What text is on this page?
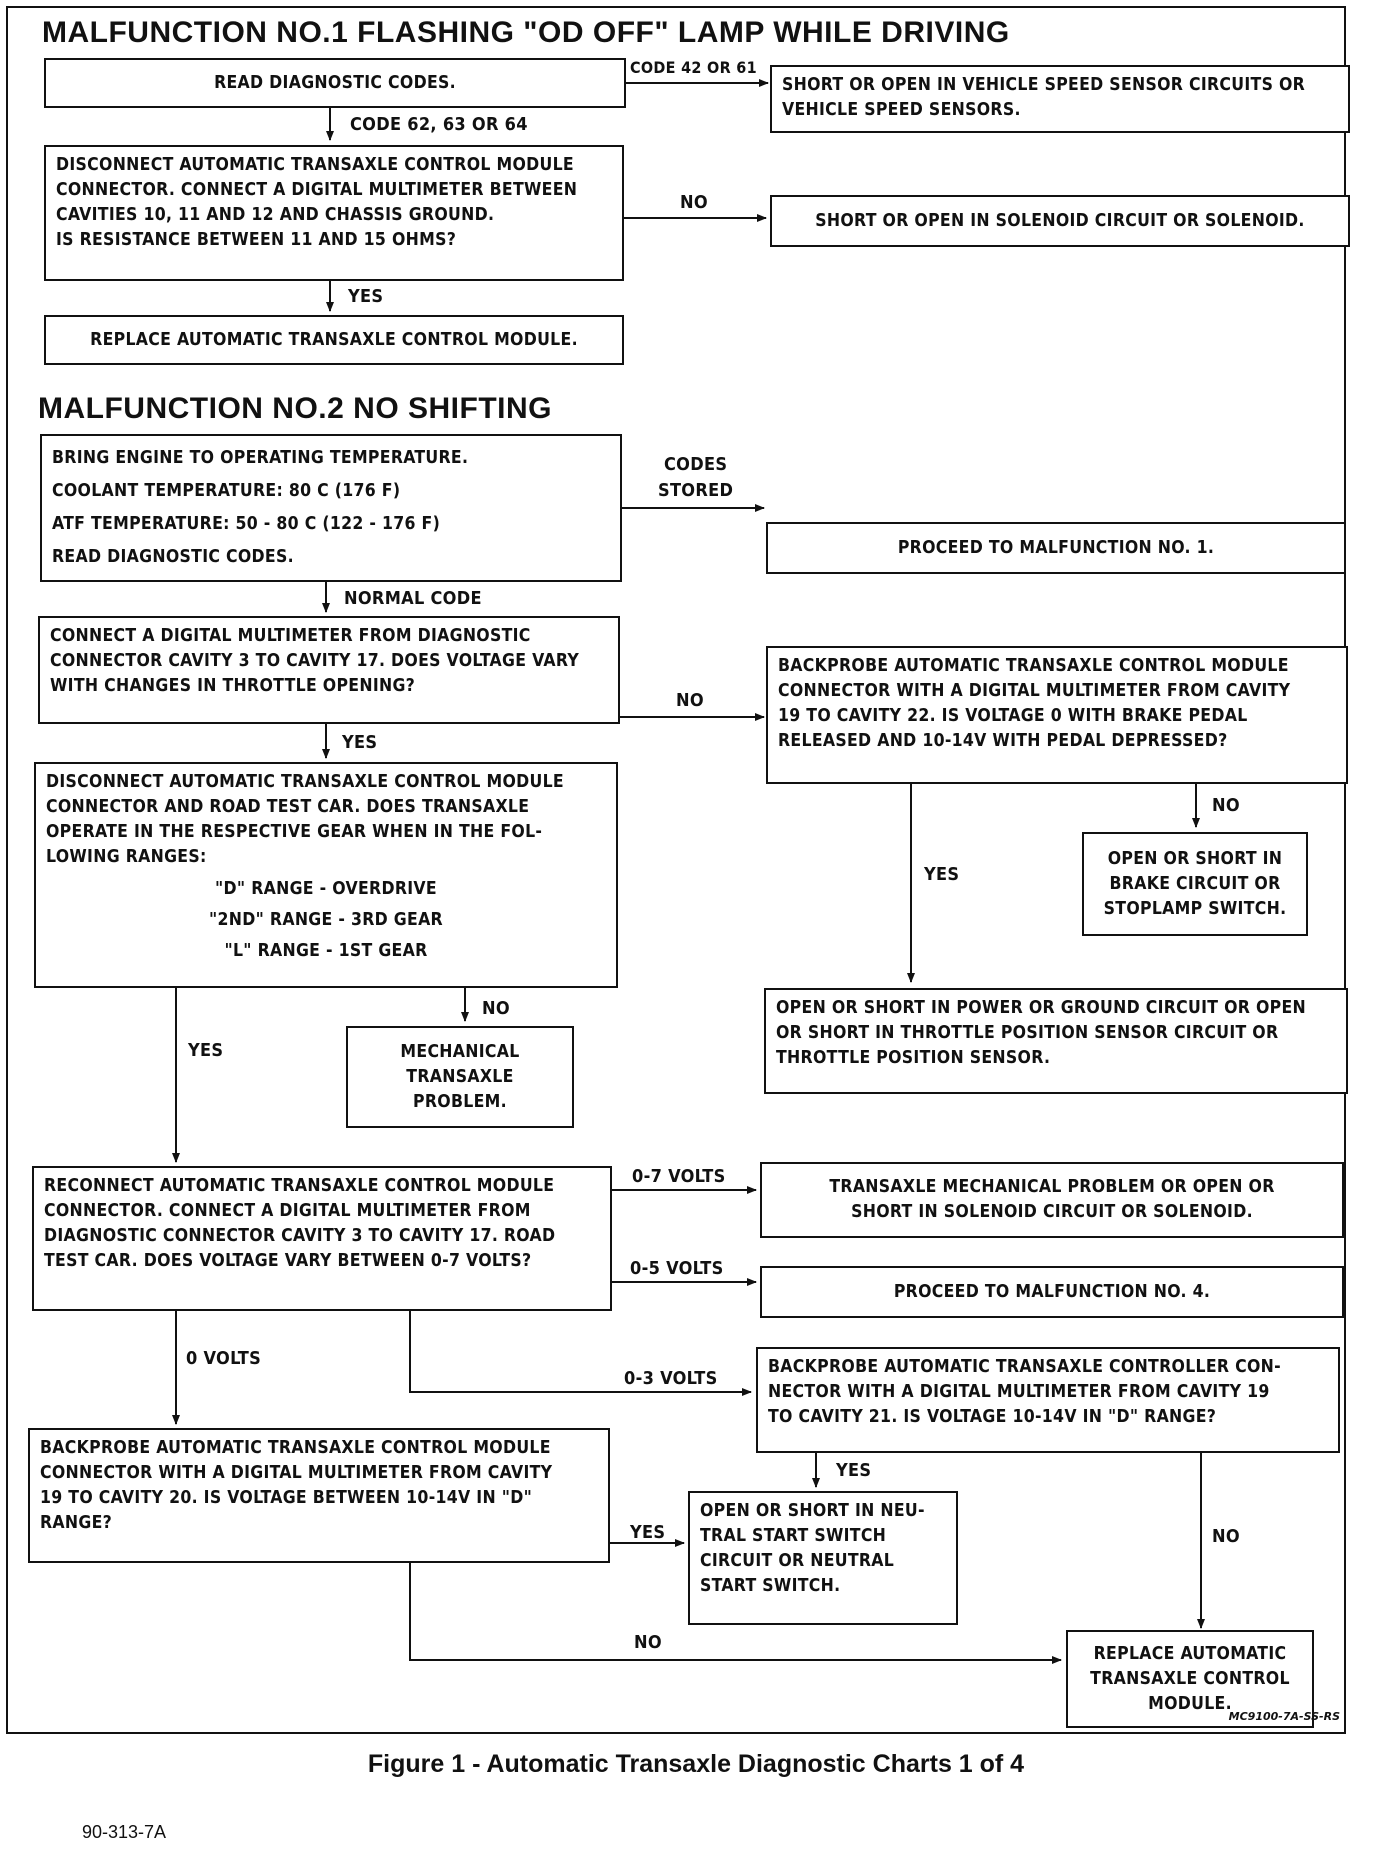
MALFUNCTION NO.1 FLASHING "OD OFF" LAMP WHILE DRIVING
READ DIAGNOSTIC CODES.
CODE 42 OR 61
SHORT OR OPEN IN VEHICLE SPEED SENSOR CIRCUITS OR
VEHICLE SPEED SENSORS.
CODE 62, 63 OR 64
DISCONNECT AUTOMATIC TRANSAXLE CONTROL MODULE
CONNECTOR. CONNECT A DIGITAL MULTIMETER BETWEEN
CAVITIES 10, 11 AND 12 AND CHASSIS GROUND.
IS RESISTANCE BETWEEN 11 AND 15 OHMS?
NO
SHORT OR OPEN IN SOLENOID CIRCUIT OR SOLENOID.
YES
REPLACE AUTOMATIC TRANSAXLE CONTROL MODULE.
MALFUNCTION NO.2 NO SHIFTING
BRING ENGINE TO OPERATING TEMPERATURE.
COOLANT TEMPERATURE: 80 C (176 F)
ATF TEMPERATURE: 50 - 80 C (122 - 176 F)
READ DIAGNOSTIC CODES.
CODES
STORED
PROCEED TO MALFUNCTION NO. 1.
NORMAL CODE
CONNECT A DIGITAL MULTIMETER FROM DIAGNOSTIC
CONNECTOR CAVITY 3 TO CAVITY 17. DOES VOLTAGE VARY
WITH CHANGES IN THROTTLE OPENING?
NO
BACKPROBE AUTOMATIC TRANSAXLE CONTROL MODULE
CONNECTOR WITH A DIGITAL MULTIMETER FROM CAVITY
19 TO CAVITY 22. IS VOLTAGE 0 WITH BRAKE PEDAL
RELEASED AND 10-14V WITH PEDAL DEPRESSED?
YES
DISCONNECT AUTOMATIC TRANSAXLE CONTROL MODULE
CONNECTOR AND ROAD TEST CAR. DOES TRANSAXLE
OPERATE IN THE RESPECTIVE GEAR WHEN IN THE FOL-
LOWING RANGES:
"D" RANGE - OVERDRIVE
"2ND" RANGE - 3RD GEAR
"L" RANGE - 1ST GEAR
NO
OPEN OR SHORT IN
BRAKE CIRCUIT OR
STOPLAMP SWITCH.
YES
NO
MECHANICAL
TRANSAXLE
PROBLEM.
YES
OPEN OR SHORT IN POWER OR GROUND CIRCUIT OR OPEN
OR SHORT IN THROTTLE POSITION SENSOR CIRCUIT OR
THROTTLE POSITION SENSOR.
RECONNECT AUTOMATIC TRANSAXLE CONTROL MODULE
CONNECTOR. CONNECT A DIGITAL MULTIMETER FROM
DIAGNOSTIC CONNECTOR CAVITY 3 TO CAVITY 17. ROAD
TEST CAR. DOES VOLTAGE VARY BETWEEN 0-7 VOLTS?
0-7 VOLTS	TRANSAXLE MECHANICAL PROBLEM OR OPEN OR
SHORT IN SOLENOID CIRCUIT OR SOLENOID.
0-5 VOLTS
PROCEED TO MALFUNCTION NO. 4.
0 VOLTS
0-3 VOLTS
BACKPROBE AUTOMATIC TRANSAXLE CONTROLLER CON-
NECTOR WITH A DIGITAL MULTIMETER FROM CAVITY 19
TO CAVITY 21. IS VOLTAGE 10-14V IN "D" RANGE?
BACKPROBE AUTOMATIC TRANSAXLE CONTROL MODULE
CONNECTOR WITH A DIGITAL MULTIMETER FROM CAVITY
19 TO CAVITY 20. IS VOLTAGE BETWEEN 10-14V IN "D"
RANGE?
YES
YES
OPEN OR SHORT IN NEU-
TRAL START SWITCH
CIRCUIT OR NEUTRAL
START SWITCH.
NO
NO
REPLACE AUTOMATIC
TRANSAXLE CONTROL
MODULE.
MC9100-7A-SS-RS
Figure 1 - Automatic Transaxle Diagnostic Charts 1 of 4
90-313-7A
